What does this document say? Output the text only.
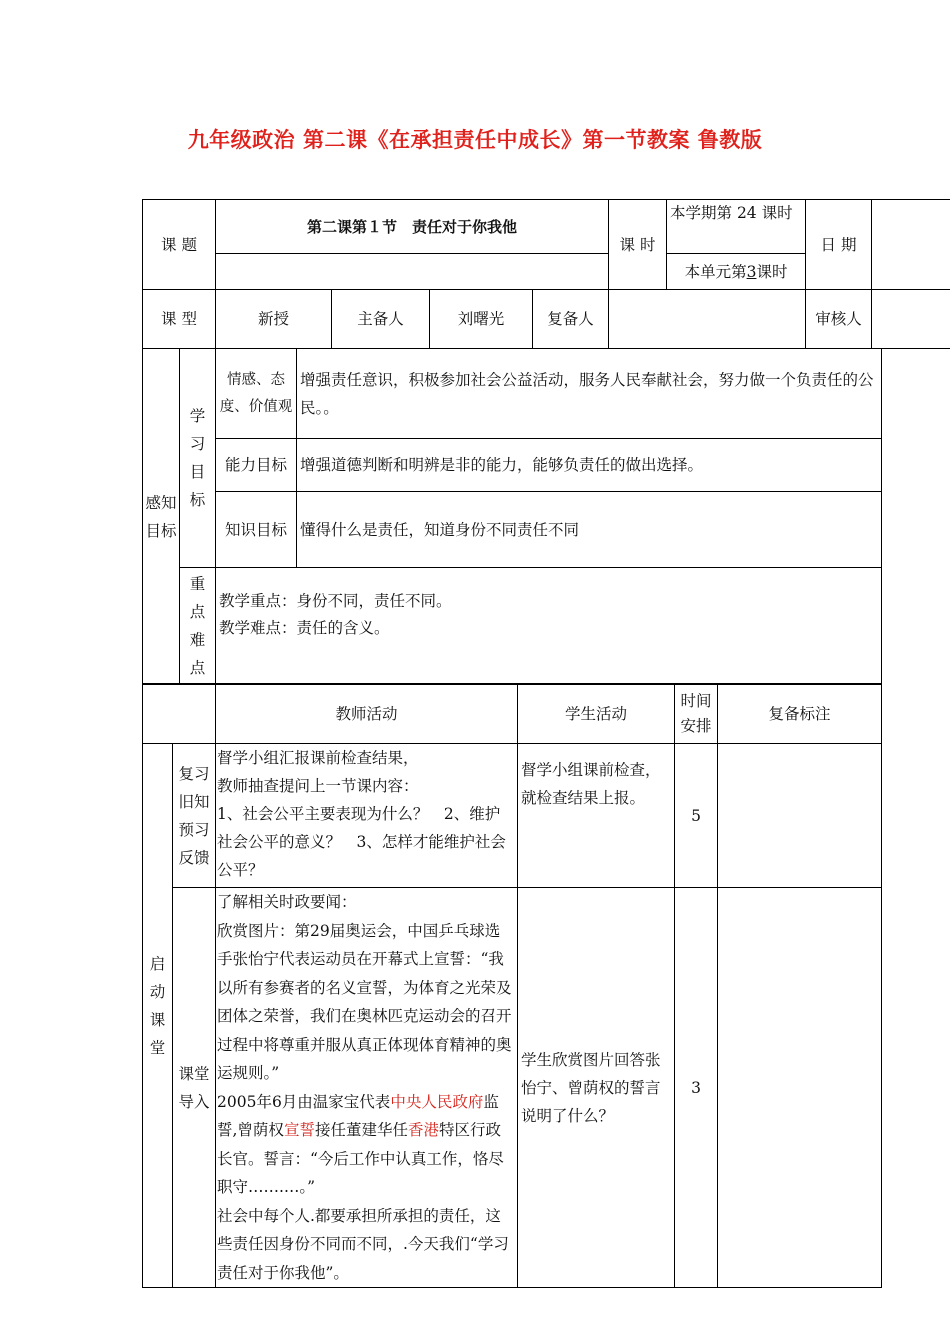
九年级政治 第二课《在承担责任中成长》第一节教案 鲁教版
课 题	第二课第１节　责任对于你我他				课 时	本学期第 24 课时	日 期	
						本单元第3课时		
课 型	新授	主备人	刘曙光	复备人			审核人	
感知目标	学习目标	情感、态度、价值观	增强责任意识，积极参加社会公益活动，服务人民奉献社会，努力做一个负责任的公民。。
		能力目标	增强道德判断和明辨是非的能力，能够负责任的做出选择。
		知识目标	懂得什么是责任，知道身份不同责任不同
	重点难点	教学重点：身份不同，责任不同。
教学难点：责任的含义。	
		教师活动	学生活动	时间安排	复备标注
启动课堂	复习旧知预习反馈	督学小组汇报课前检查结果，
教师抽查提问上一节课内容：
1、社会公平主要表现为什么？　2、维护社会公平的意义？　3、怎样才能维护社会公平？	督学小组课前检查，就检查结果上报。	5	
	课堂导入	了解相关时政要闻：
欣赏图片：第29届奥运会，中国乒乓球选手张怡宁代表运动员在开幕式上宣誓：“我以所有参赛者的名义宣誓，为体育之光荣及团体之荣誉，我们在奥林匹克运动会的召开过程中将尊重并服从真正体现体育精神的奥运规则。”
2005年6月由温家宝代表中央人民政府监誓,曾荫权宣誓接任董建华任香港特区行政长官。誓言：“今后工作中认真工作，恪尽职守…….…。”
社会中每个人.都要承担所承担的责任，这些责任因身份不同而不同，.今天我们“学习责任对于你我他”。	学生欣赏图片回答张怡宁、曾荫权的誓言说明了什么？	3	
